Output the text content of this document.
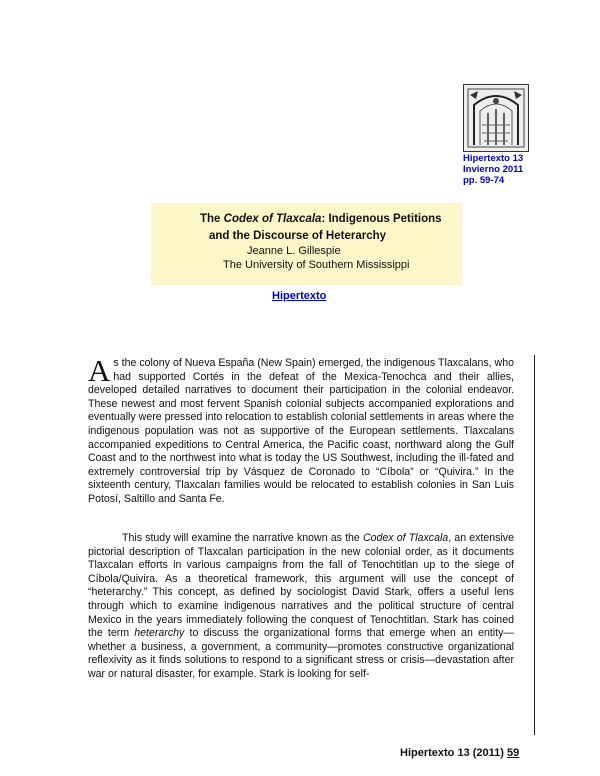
Hipertexto 13
Invierno 2011
pp. 59-74
The Codex of Tlaxcala: Indigenous Petitions
and the Discourse of Heterarchy
Jeanne L. Gillespie
The University of Southern Mississippi
Hipertexto

As the colony of Nueva España (New Spain) emerged, the indigenous Tlaxcalans, who had supported Cortés in the defeat of the Mexica-Tenochca and their allies, developed detailed narratives to document their participation in the colonial endeavor. These newest and most fervent Spanish colonial subjects accompanied explorations and eventually were pressed into relocation to establish colonial settlements in areas where the indigenous population was not as supportive of the European settlements. Tlaxcalans accompanied expeditions to Central America, the Pacific coast, northward along the Gulf Coast and to the northwest into what is today the US Southwest, including the ill-fated and extremely controversial trip by Vásquez de Coronado to “Cíbola” or “Quivira.” In the sixteenth century, Tlaxcalan families would be relocated to establish colonies in San Luis Potosí, Saltillo and Santa Fe.

This study will examine the narrative known as the Codex of Tlaxcala, an extensive pictorial description of Tlaxcalan participation in the new colonial order, as it documents Tlaxcalan efforts in various campaigns from the fall of Tenochtitlan up to the siege of Cíbola/Quivira. As a theoretical framework, this argument will use the concept of “heterarchy.” This concept, as defined by sociologist David Stark, offers a useful lens through which to examine indigenous narratives and the political structure of central Mexico in the years immediately following the conquest of Tenochtitlan. Stark has coined the term heterarchy to discuss the organizational forms that emerge when an entity—whether a business, a government, a community—promotes constructive organizational reflexivity as it finds solutions to respond to a significant stress or crisis—devastation after war or natural disaster, for example. Stark is looking for self-

Hipertexto 13 (2011) 59
